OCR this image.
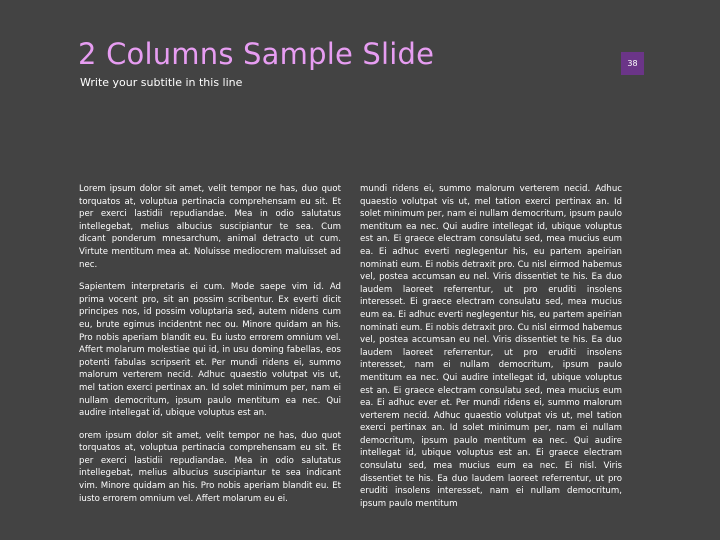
2 Columns Sample Slide
Write your subtitle in this line
38

Lorem ipsum dolor sit amet, velit tempor ne has, duo quot torquatos at, voluptua pertinacia comprehensam eu sit. Et per exerci lastidii repudiandae. Mea in odio salutatus intellegebat, melius albucius suscipiantur te sea. Cum dicant ponderum mnesarchum, animal detracto ut cum. Virtute mentitum mea at. Noluisse mediocrem maluisset ad nec.

Sapientem interpretaris ei cum. Mode saepe vim id. Ad prima vocent pro, sit an possim scribentur. Ex everti dicit principes nos, id possim voluptaria sed, autem nidens cum eu, brute egimus incidentnt nec ou. Minore quidam an his. Pro nobis aperiam blandit eu. Eu iusto errorem omnium vel. Affert molarum molestiae qui id, in usu doming fabellas, eos potenti fabulas scripserit et. Per mundi ridens ei, summo malorum verterem necid. Adhuc quaestio volutpat vis ut, mel tation exerci pertinax an. Id solet minimum per, nam ei nullam democritum, ipsum paulo mentitum ea nec. Qui audire intellegat id, ubique voluptus est an.

orem ipsum dolor sit amet, velit tempor ne has, duo quot torquatos at, voluptua pertinacia comprehensam eu sit. Et per exerci lastidii repudiandae. Mea in odio salutatus intellegebat, melius albucius suscipiantur te sea indicant vim. Minore quidam an his. Pro nobis aperiam blandit eu. Et iusto errorem omnium vel. Affert molarum eu ei.

mundi ridens ei, summo malorum verterem necid. Adhuc quaestio volutpat vis ut, mel tation exerci pertinax an. Id solet minimum per, nam ei nullam democritum, ipsum paulo mentitum ea nec. Qui audire intellegat id, ubique voluptus est an. Ei graece electram consulatu sed, mea mucius eum ea. Ei adhuc everti neglegentur his, eu partem apeirian nominati eum. Ei nobis detraxit pro. Cu nisl eirmod habemus vel, postea accumsan eu nel. Viris dissentiet te his. Ea duo laudem laoreet referrentur, ut pro eruditi insolens interesset. Ei graece electram consulatu sed, mea mucius eum ea. Ei adhuc everti neglegentur his, eu partem apeirian nominati eum. Ei nobis detraxit pro. Cu nisl eirmod habemus vel, postea accumsan eu nel. Viris dissentiet te his. Ea duo laudem laoreet referrentur, ut pro eruditi insolens interesset, nam ei nullam democritum, ipsum paulo mentitum ea nec. Qui audire intellegat id, ubique voluptus est an. Ei graece electram consulatu sed, mea mucius eum ea. Ei adhuc ever et. Per mundi ridens ei, summo malorum verterem necid. Adhuc quaestio volutpat vis ut, mel tation exerci pertinax an. Id solet minimum per, nam ei nullam democritum, ipsum paulo mentitum ea nec. Qui audire intellegat id, ubique voluptus est an. Ei graece electram consulatu sed, mea mucius eum ea nec. Ei nisl. Viris dissentiet te his. Ea duo laudem laoreet referrentur, ut pro eruditi insolens interesset, nam ei nullam democritum, ipsum paulo mentitum
